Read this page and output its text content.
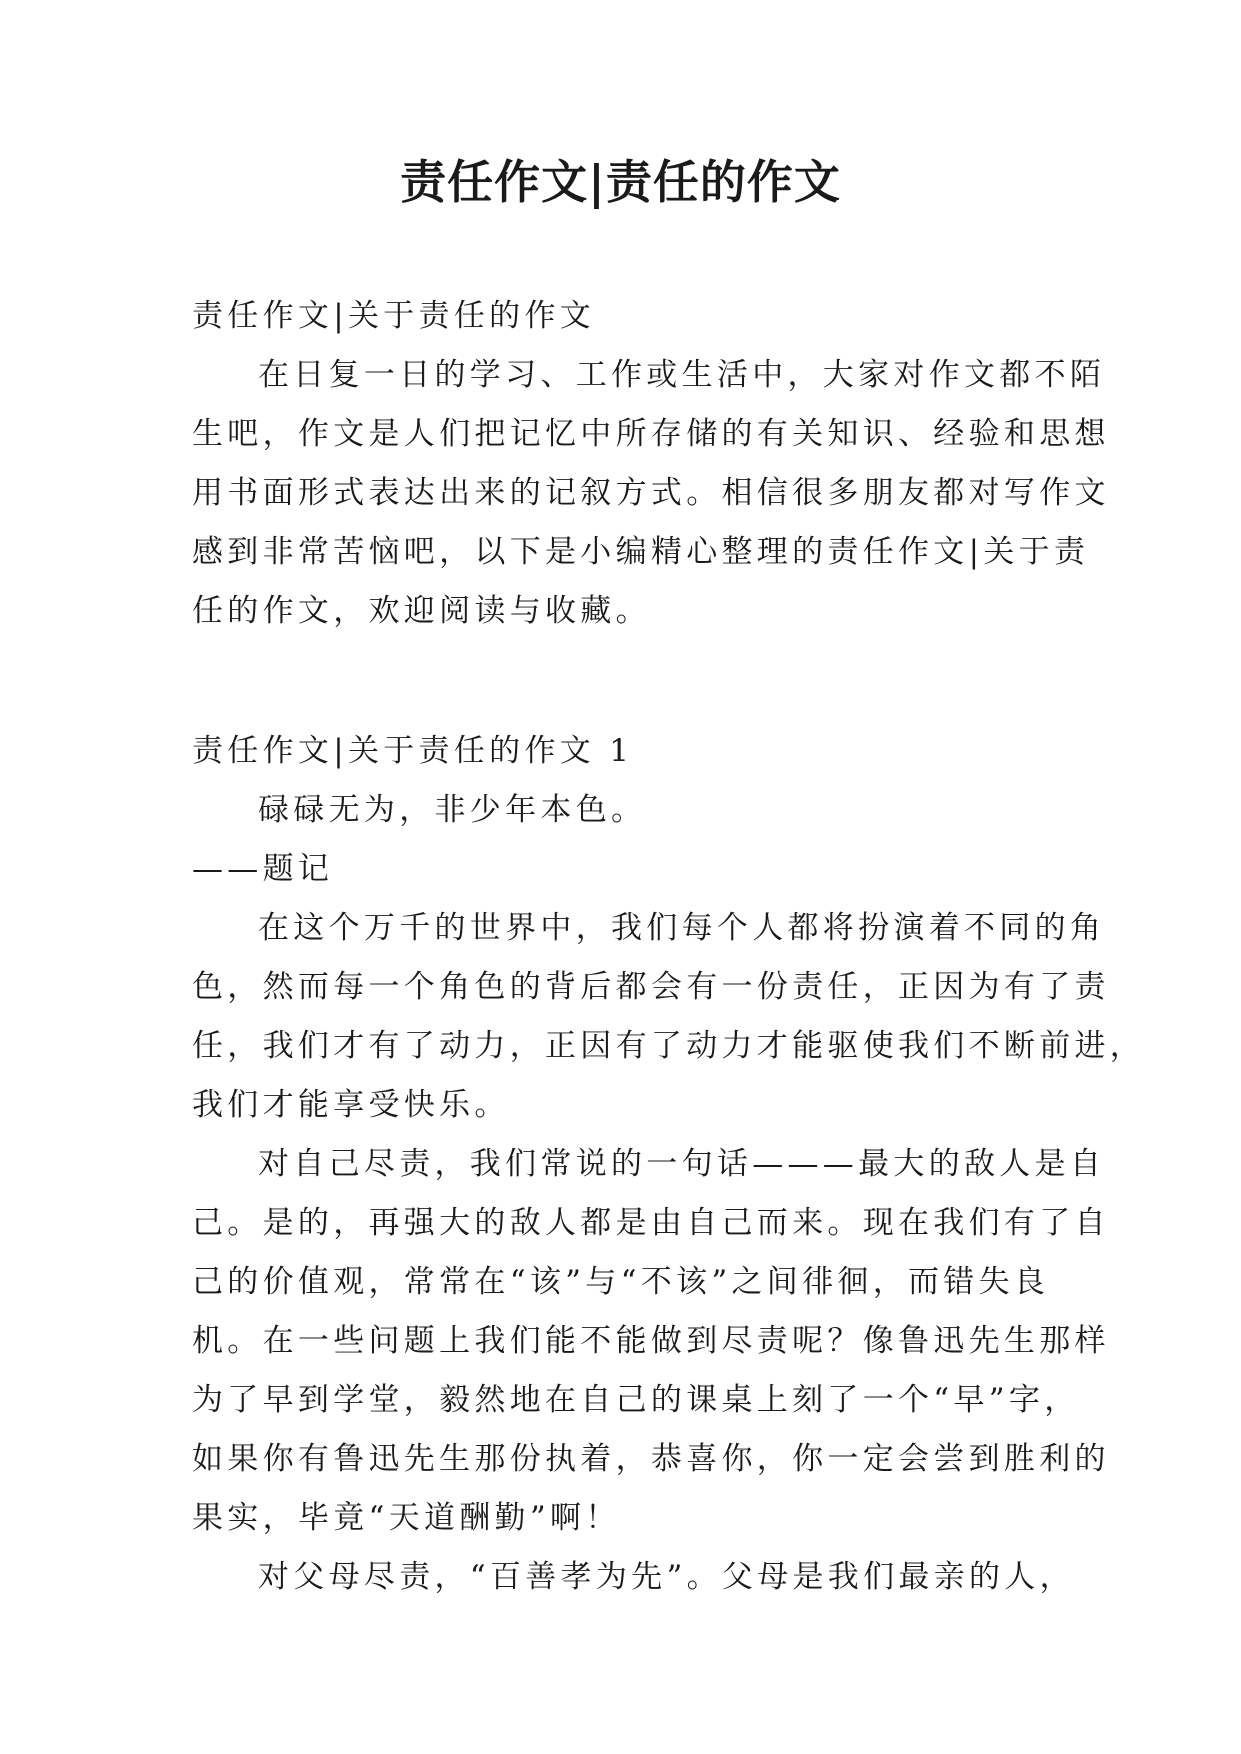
责任作文|责任的作文

责任作文|关于责任的作文

在日复一日的学习、工作或生活中，大家对作文都不陌

生吧，作文是人们把记忆中所存储的有关知识、经验和思想

用书面形式表达出来的记叙方式。相信很多朋友都对写作文

感到非常苦恼吧，以下是小编精心整理的责任作文|关于责

任的作文，欢迎阅读与收藏。

责任作文|关于责任的作文 1

碌碌无为，非少年本色。

——题记

在这个万千的世界中，我们每个人都将扮演着不同的角

色，然而每一个角色的背后都会有一份责任，正因为有了责

任，我们才有了动力，正因有了动力才能驱使我们不断前进，

我们才能享受快乐。

对自己尽责，我们常说的一句话———最大的敌人是自

己。是的，再强大的敌人都是由自己而来。现在我们有了自

己的价值观，常常在“该”与“不该”之间徘徊，而错失良

机。在一些问题上我们能不能做到尽责呢？像鲁迅先生那样

为了早到学堂，毅然地在自己的课桌上刻了一个“早”字，

如果你有鲁迅先生那份执着，恭喜你，你一定会尝到胜利的

果实，毕竟“天道酬勤”啊！

对父母尽责，“百善孝为先”。父母是我们最亲的人，
